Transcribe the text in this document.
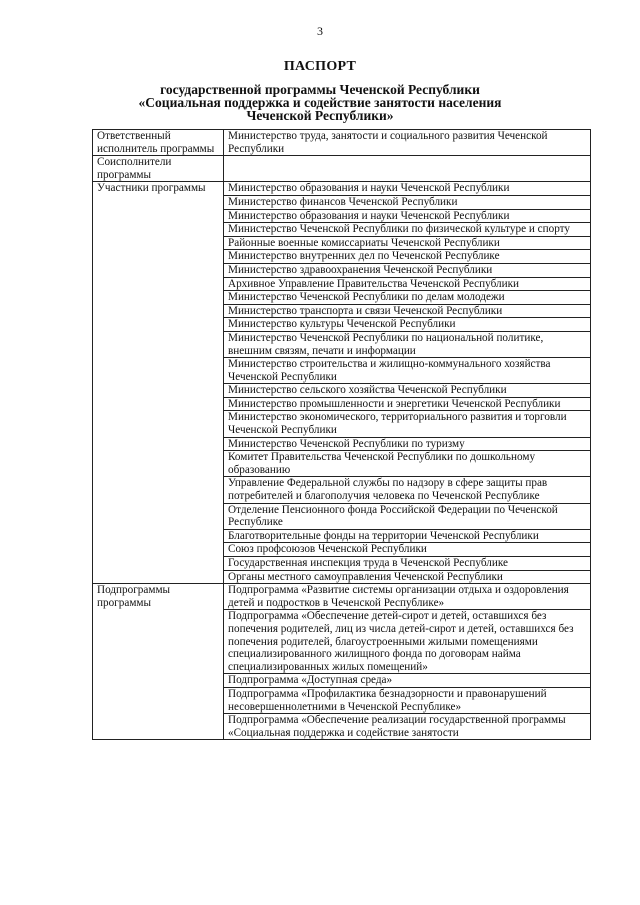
3
ПАСПОРТ
государственной программы Чеченской Республики
«Социальная поддержка и содействие занятости населения
Чеченской Республики»
Ответственный исполнитель программы	Министерство труда, занятости и социального развития Чеченской Республики
Соисполнители программы	
Участники программы	Министерство образования и науки Чеченской Республики
	Министерство финансов Чеченской Республики
	Министерство образования и науки Чеченской Республики
	Министерство Чеченской Республики по физической культуре и спорту
	Районные военные комиссариаты Чеченской Республики
	Министерство внутренних дел по Чеченской Республике
	Министерство здравоохранения Чеченской Республики
	Архивное Управление Правительства Чеченской Республики
	Министерство Чеченской Республики по делам молодежи
	Министерство транспорта и связи Чеченской Республики
	Министерство культуры Чеченской Республики
	Министерство Чеченской Республики по национальной политике, внешним связям, печати и информации
	Министерство строительства и жилищно-коммунального хозяйства Чеченской Республики
	Министерство сельского хозяйства Чеченской Республики
	Министерство промышленности и энергетики Чеченской Республики
	Министерство экономического, территориального развития и торговли Чеченской Республики
	Министерство Чеченской Республики по туризму
	Комитет Правительства Чеченской Республики по дошкольному образованию
	Управление Федеральной службы по надзору в сфере защиты прав потребителей и благополучия человека по Чеченской Республике
	Отделение Пенсионного фонда Российской Федерации по Чеченской Республике
	Благотворительные фонды на территории Чеченской Республики
	Союз профсоюзов Чеченской Республики
	Государственная инспекция труда в Чеченской Республике
	Органы местного самоуправления Чеченской Республики
Подпрограммы программы	Подпрограмма «Развитие системы организации отдыха и оздоровления детей и подростков в Чеченской Республике»
	Подпрограмма «Обеспечение детей-сирот и детей, оставшихся без попечения родителей, лиц из числа детей-сирот и детей, оставшихся без попечения родителей, благоустроенными жилыми помещениями специализированного жилищного фонда по договорам найма специализированных жилых помещений»
	Подпрограмма «Доступная среда»
	Подпрограмма «Профилактика безнадзорности и правонарушений несовершеннолетними в Чеченской Республике»
	Подпрограмма «Обеспечение реализации государственной программы «Социальная поддержка и содействие занятости
